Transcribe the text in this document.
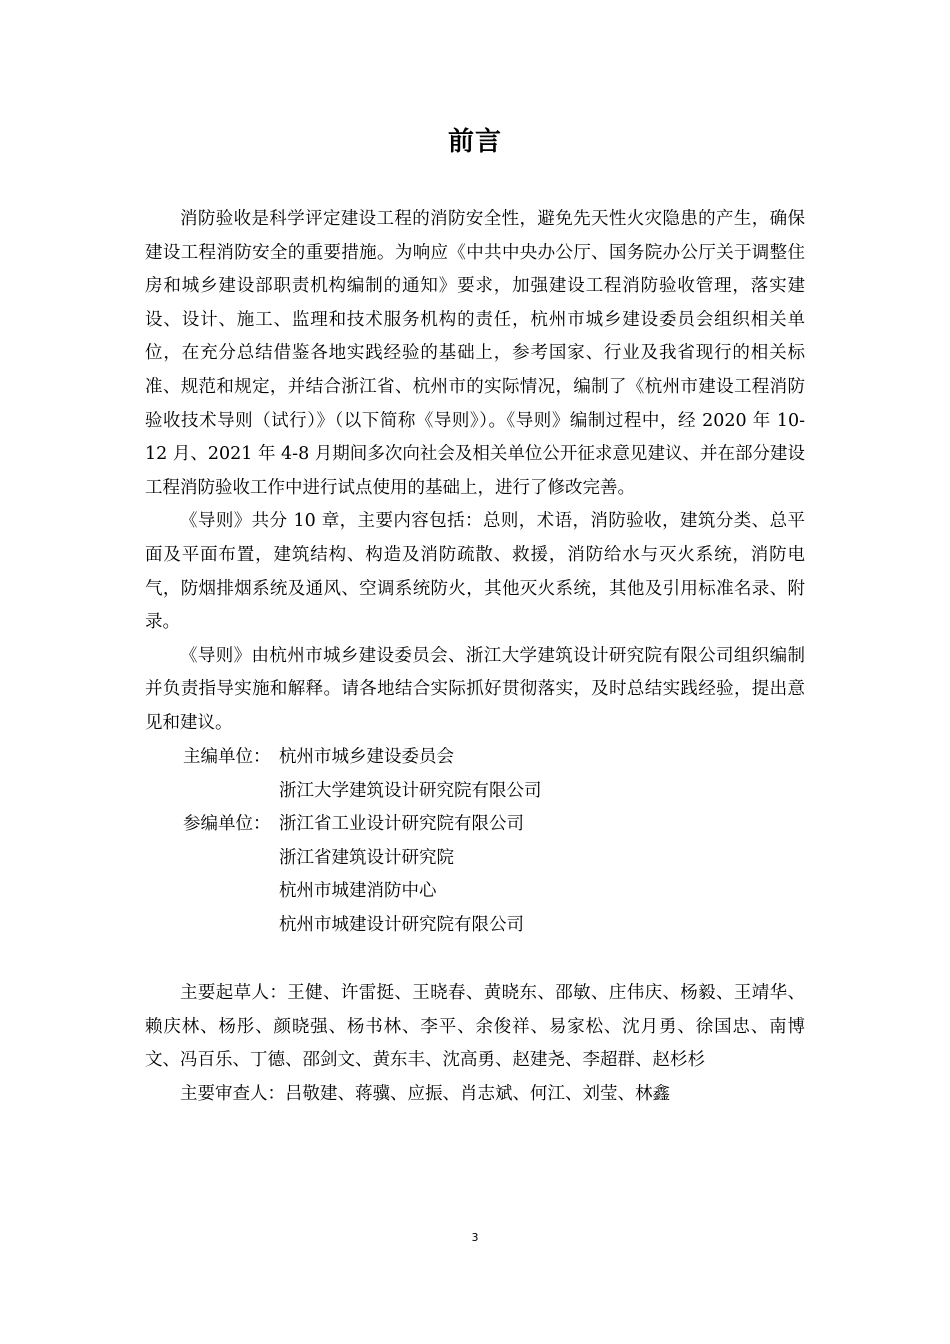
前言

消防验收是科学评定建设工程的消防安全性，避免先天性火灾隐患的产生，确保建设工程消防安全的重要措施。为响应《中共中央办公厅、国务院办公厅关于调整住房和城乡建设部职责机构编制的通知》要求，加强建设工程消防验收管理，落实建设、设计、施工、监理和技术服务机构的责任，杭州市城乡建设委员会组织相关单位，在充分总结借鉴各地实践经验的基础上，参考国家、行业及我省现行的相关标准、规范和规定，并结合浙江省、杭州市的实际情况，编制了《杭州市建设工程消防验收技术导则（试行）》（以下简称《导则》）。《导则》编制过程中，经 2020 年 10-12 月、2021 年 4-8 月期间多次向社会及相关单位公开征求意见建议、并在部分建设工程消防验收工作中进行试点使用的基础上，进行了修改完善。

《导则》共分 10 章，主要内容包括：总则，术语，消防验收，建筑分类、总平面及平面布置，建筑结构、构造及消防疏散、救援，消防给水与灭火系统，消防电气，防烟排烟系统及通风、空调系统防火，其他灭火系统，其他及引用标准名录、附录。

《导则》由杭州市城乡建设委员会、浙江大学建筑设计研究院有限公司组织编制并负责指导实施和解释。请各地结合实际抓好贯彻落实，及时总结实践经验，提出意见和建议。

主编单位： 杭州市城乡建设委员会
浙江大学建筑设计研究院有限公司
参编单位： 浙江省工业设计研究院有限公司
浙江省建筑设计研究院
杭州市城建消防中心
杭州市城建设计研究院有限公司

主要起草人：王健、许雷挺、王晓春、黄晓东、邵敏、庄伟庆、杨毅、王靖华、赖庆林、杨彤、颜晓强、杨书林、李平、余俊祥、易家松、沈月勇、徐国忠、南博文、冯百乐、丁德、邵剑文、黄东丰、沈高勇、赵建尧、李超群、赵杉杉

主要审查人：吕敬建、蒋骥、应振、肖志斌、何江、刘莹、林鑫

3
